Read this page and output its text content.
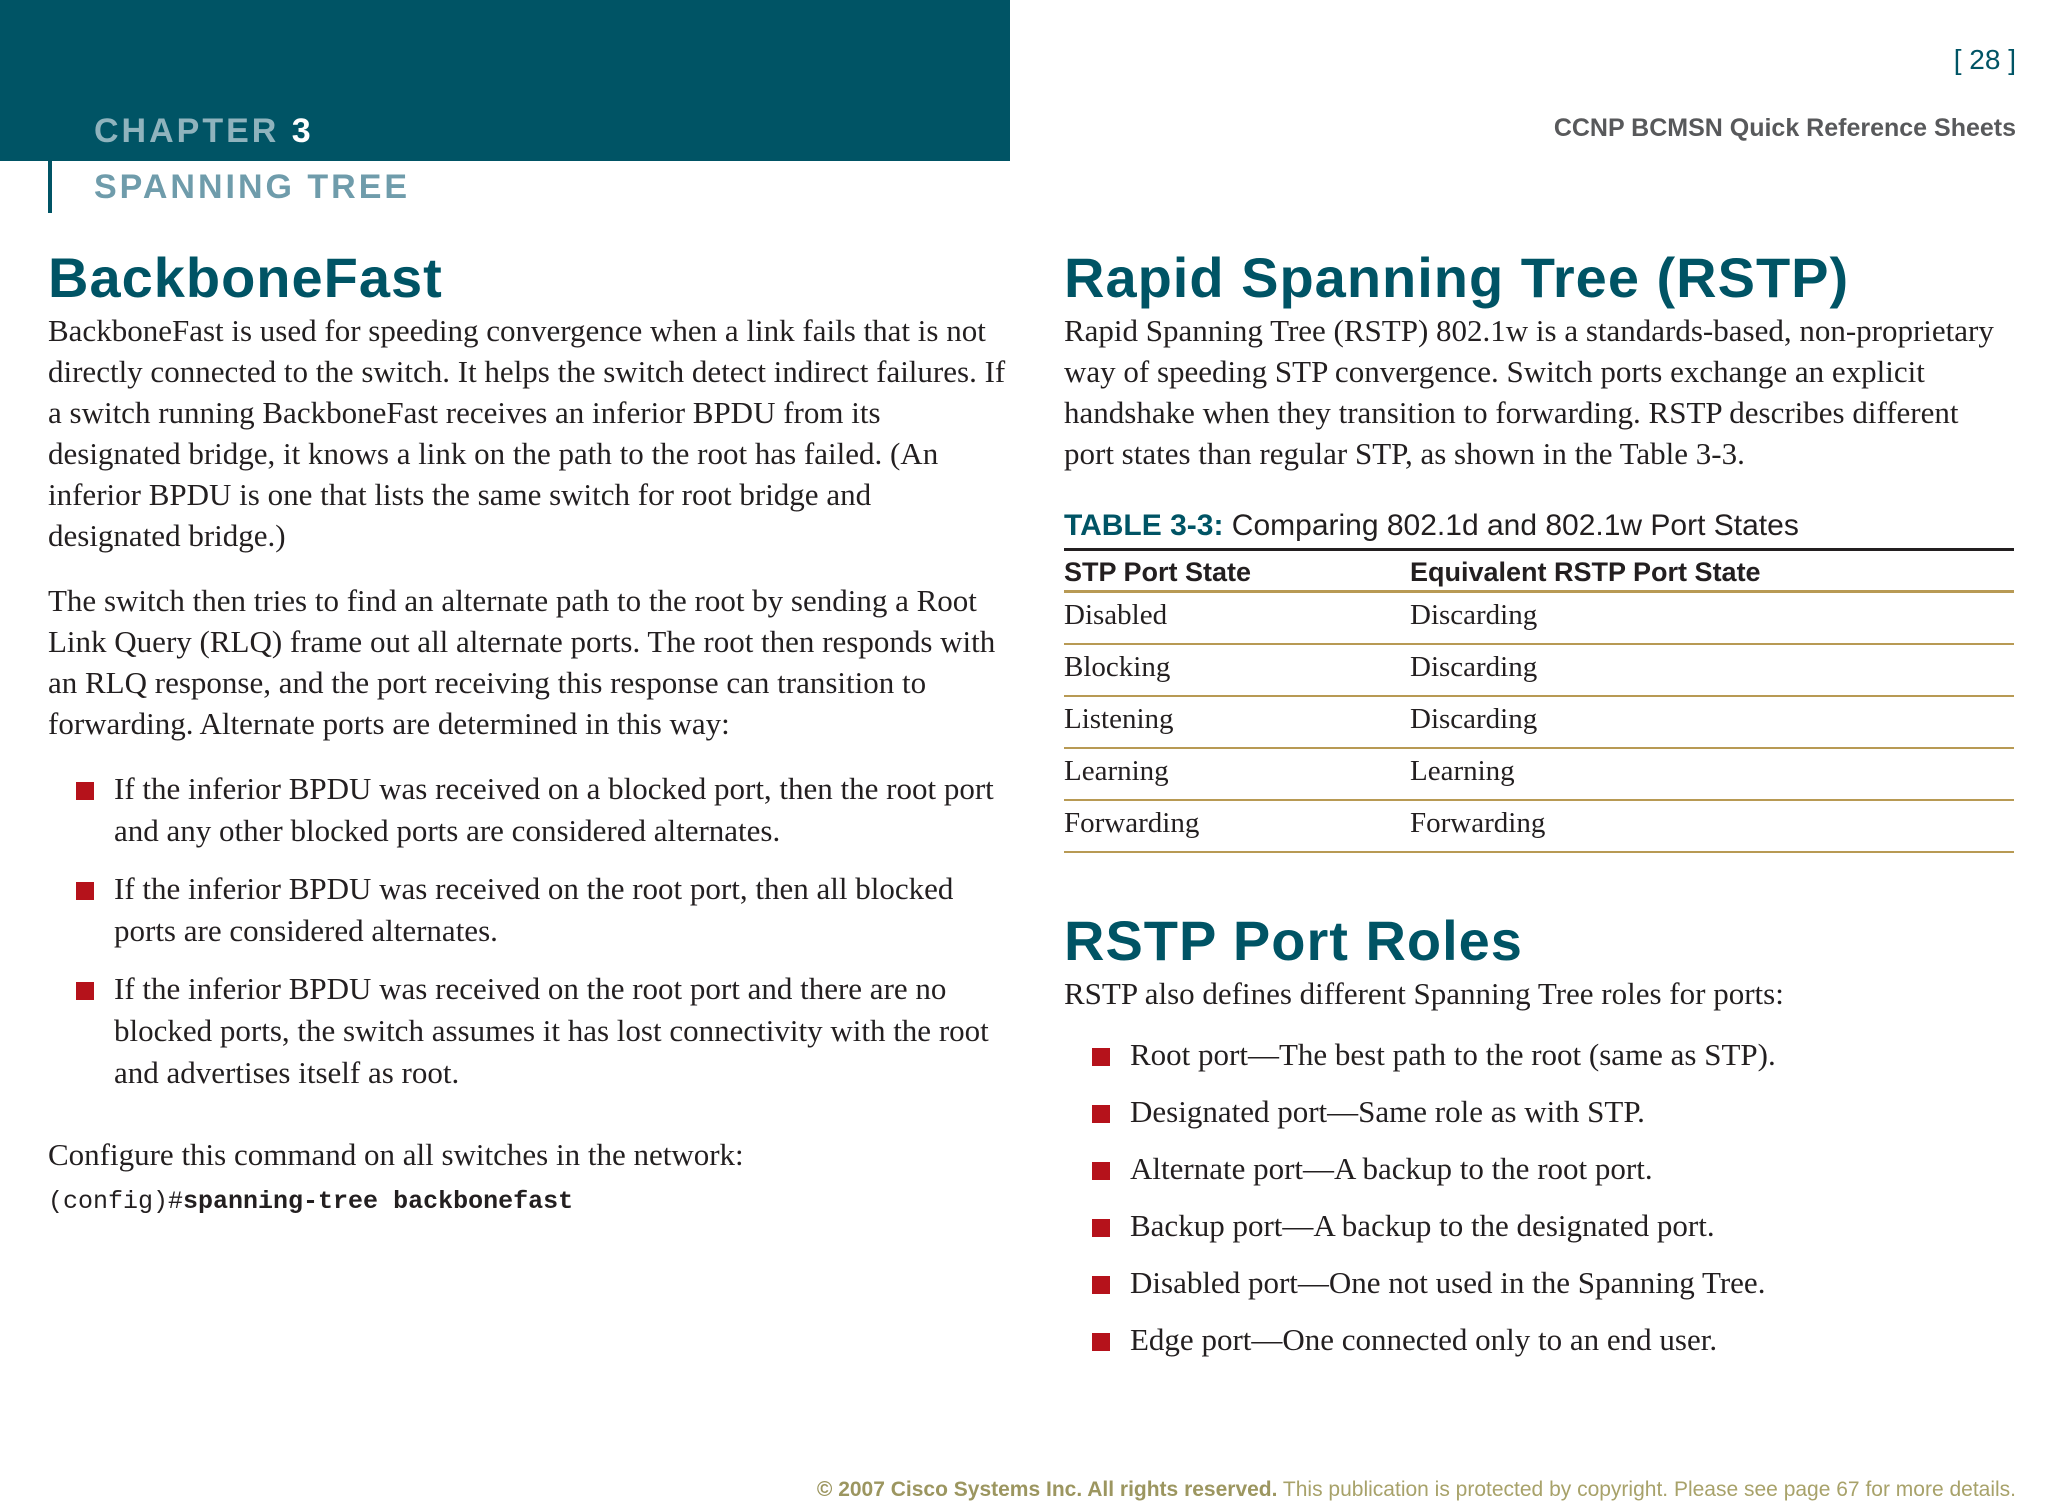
CHAPTER 3
SPANNING TREE
[ 28 ]
CCNP BCMSN Quick Reference Sheets
BackboneFast

BackboneFast is used for speeding convergence when a link fails that is not directly connected to the switch. It helps the switch detect indirect failures. If a switch running BackboneFast receives an inferior BPDU from its designated bridge, it knows a link on the path to the root has failed. (An inferior BPDU is one that lists the same switch for root bridge and designated bridge.)

The switch then tries to find an alternate path to the root by sending a Root Link Query (RLQ) frame out all alternate ports. The root then responds with an RLQ response, and the port receiving this response can transition to forwarding. Alternate ports are determined in this way:

If the inferior BPDU was received on a blocked port, then the root port and any other blocked ports are considered alternates.
If the inferior BPDU was received on the root port, then all blocked ports are considered alternates.
If the inferior BPDU was received on the root port and there are no blocked ports, the switch assumes it has lost connectivity with the root and advertises itself as root.

Configure this command on all switches in the network:

(config)#spanning-tree backbonefast
Rapid Spanning Tree (RSTP)

Rapid Spanning Tree (RSTP) 802.1w is a standards-based, non-proprietary way of speeding STP convergence. Switch ports exchange an explicit handshake when they transition to forwarding. RSTP describes different port states than regular STP, as shown in the Table 3-3.

TABLE 3-3: Comparing 802.1d and 802.1w Port States
STP Port State	Equivalent RSTP Port State
Disabled	Discarding
Blocking	Discarding
Listening	Discarding
Learning	Learning
Forwarding	Forwarding
RSTP Port Roles

RSTP also defines different Spanning Tree roles for ports:

Root port—The best path to the root (same as STP).
Designated port—Same role as with STP.
Alternate port—A backup to the root port.
Backup port—A backup to the designated port.
Disabled port—One not used in the Spanning Tree.
Edge port—One connected only to an end user.
© 2007 Cisco Systems Inc. All rights reserved. This publication is protected by copyright. Please see page 67 for more details.
